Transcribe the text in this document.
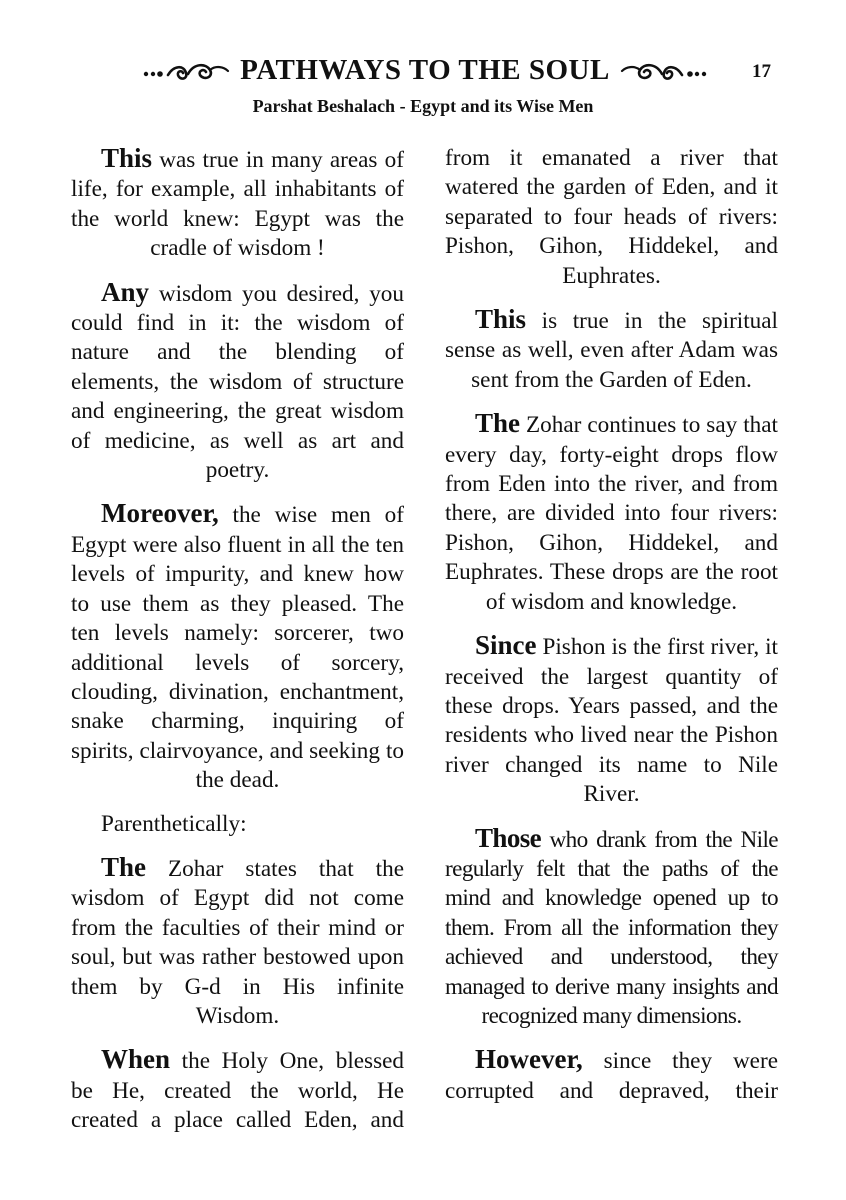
PATHWAYS TO THE SOUL	17
Parshat Beshalach - Egypt and its Wise Men

This was true in many areas of life, for example, all inhabitants of the world knew: Egypt was the cradle of wisdom !

Any wisdom you desired, you could find in it: the wisdom of nature and the blending of elements, the wisdom of structure and engineering, the great wisdom of medicine, as well as art and poetry.

Moreover, the wise men of Egypt were also fluent in all the ten levels of impurity, and knew how to use them as they pleased. The ten levels namely: sorcerer, two additional levels of sorcery, clouding, divination, enchantment, snake charming, inquiring of spirits, clairvoyance, and seeking to the dead.

Parenthetically:

The Zohar states that the wisdom of Egypt did not come from the faculties of their mind or soul, but was rather bestowed upon them by G-d in His infinite Wisdom.

When the Holy One, blessed be He, created the world, He created a place called Eden, and

from it emanated a river that watered the garden of Eden, and it separated to four heads of rivers: Pishon, Gihon, Hiddekel, and Euphrates.

This is true in the spiritual sense as well, even after Adam was sent from the Garden of Eden.

The Zohar continues to say that every day, forty-eight drops flow from Eden into the river, and from there, are divided into four rivers: Pishon, Gihon, Hiddekel, and Euphrates. These drops are the root of wisdom and knowledge.

Since Pishon is the first river, it received the largest quantity of these drops. Years passed, and the residents who lived near the Pishon river changed its name to Nile River.

Those who drank from the Nile regularly felt that the paths of the mind and knowledge opened up to them. From all the information they achieved and understood, they managed to derive many insights and recognized many dimensions.

However, since they were corrupted and depraved, their
